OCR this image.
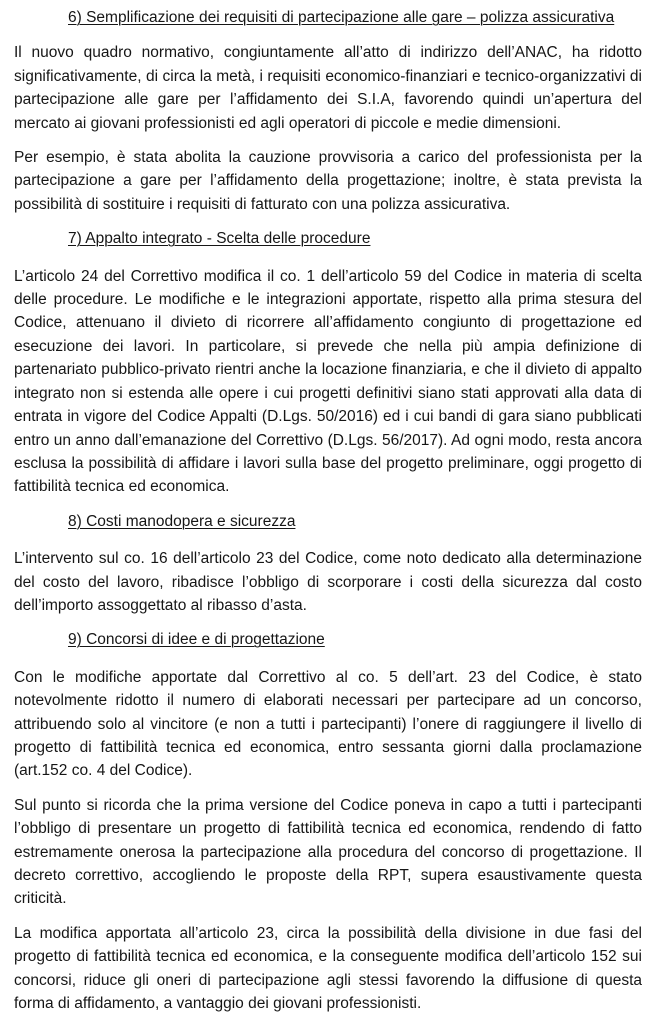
6) Semplificazione dei requisiti di partecipazione alle gare – polizza assicurativa

Il nuovo quadro normativo, congiuntamente all’atto di indirizzo dell’ANAC, ha ridotto significativamente, di circa la metà, i requisiti economico-finanziari e tecnico-organizzativi di partecipazione alle gare per l’affidamento dei S.I.A, favorendo quindi un’apertura del mercato ai giovani professionisti ed agli operatori di piccole e medie dimensioni.

Per esempio, è stata abolita la cauzione provvisoria a carico del professionista per la partecipazione a gare per l’affidamento della progettazione; inoltre, è stata prevista la possibilità di sostituire i requisiti di fatturato con una polizza assicurativa.

7) Appalto integrato - Scelta delle procedure

L’articolo 24 del Correttivo modifica il co. 1 dell’articolo 59 del Codice in materia di scelta delle procedure. Le modifiche e le integrazioni apportate, rispetto alla prima stesura del Codice, attenuano il divieto di ricorrere all’affidamento congiunto di progettazione ed esecuzione dei lavori. In particolare, si prevede che nella più ampia definizione di partenariato pubblico-privato rientri anche la locazione finanziaria, e che il divieto di appalto integrato non si estenda alle opere i cui progetti definitivi siano stati approvati alla data di entrata in vigore del Codice Appalti (D.Lgs. 50/2016) ed i cui bandi di gara siano pubblicati entro un anno dall’emanazione del Correttivo (D.Lgs. 56/2017). Ad ogni modo, resta ancora esclusa la possibilità di affidare i lavori sulla base del progetto preliminare, oggi progetto di fattibilità tecnica ed economica.

8) Costi manodopera e sicurezza

L’intervento sul co. 16 dell’articolo 23 del Codice, come noto dedicato alla determinazione del costo del lavoro, ribadisce l’obbligo di scorporare i costi della sicurezza dal costo dell’importo assoggettato al ribasso d’asta.

9) Concorsi di idee e di progettazione

Con le modifiche apportate dal Correttivo al co. 5 dell’art. 23 del Codice, è stato notevolmente ridotto il numero di elaborati necessari per partecipare ad un concorso, attribuendo solo al vincitore (e non a tutti i partecipanti) l’onere di raggiungere il livello di progetto di fattibilità tecnica ed economica, entro sessanta giorni dalla proclamazione (art.152 co. 4 del Codice).

Sul punto si ricorda che la prima versione del Codice poneva in capo a tutti i partecipanti l’obbligo di presentare un progetto di fattibilità tecnica ed economica, rendendo di fatto estremamente onerosa la partecipazione alla procedura del concorso di progettazione. Il decreto correttivo, accogliendo le proposte della RPT, supera esaustivamente questa criticità.

La modifica apportata all’articolo 23, circa la possibilità della divisione in due fasi del progetto di fattibilità tecnica ed economica, e la conseguente modifica dell’articolo 152 sui concorsi, riduce gli oneri di partecipazione agli stessi favorendo la diffusione di questa forma di affidamento, a vantaggio dei giovani professionisti.
